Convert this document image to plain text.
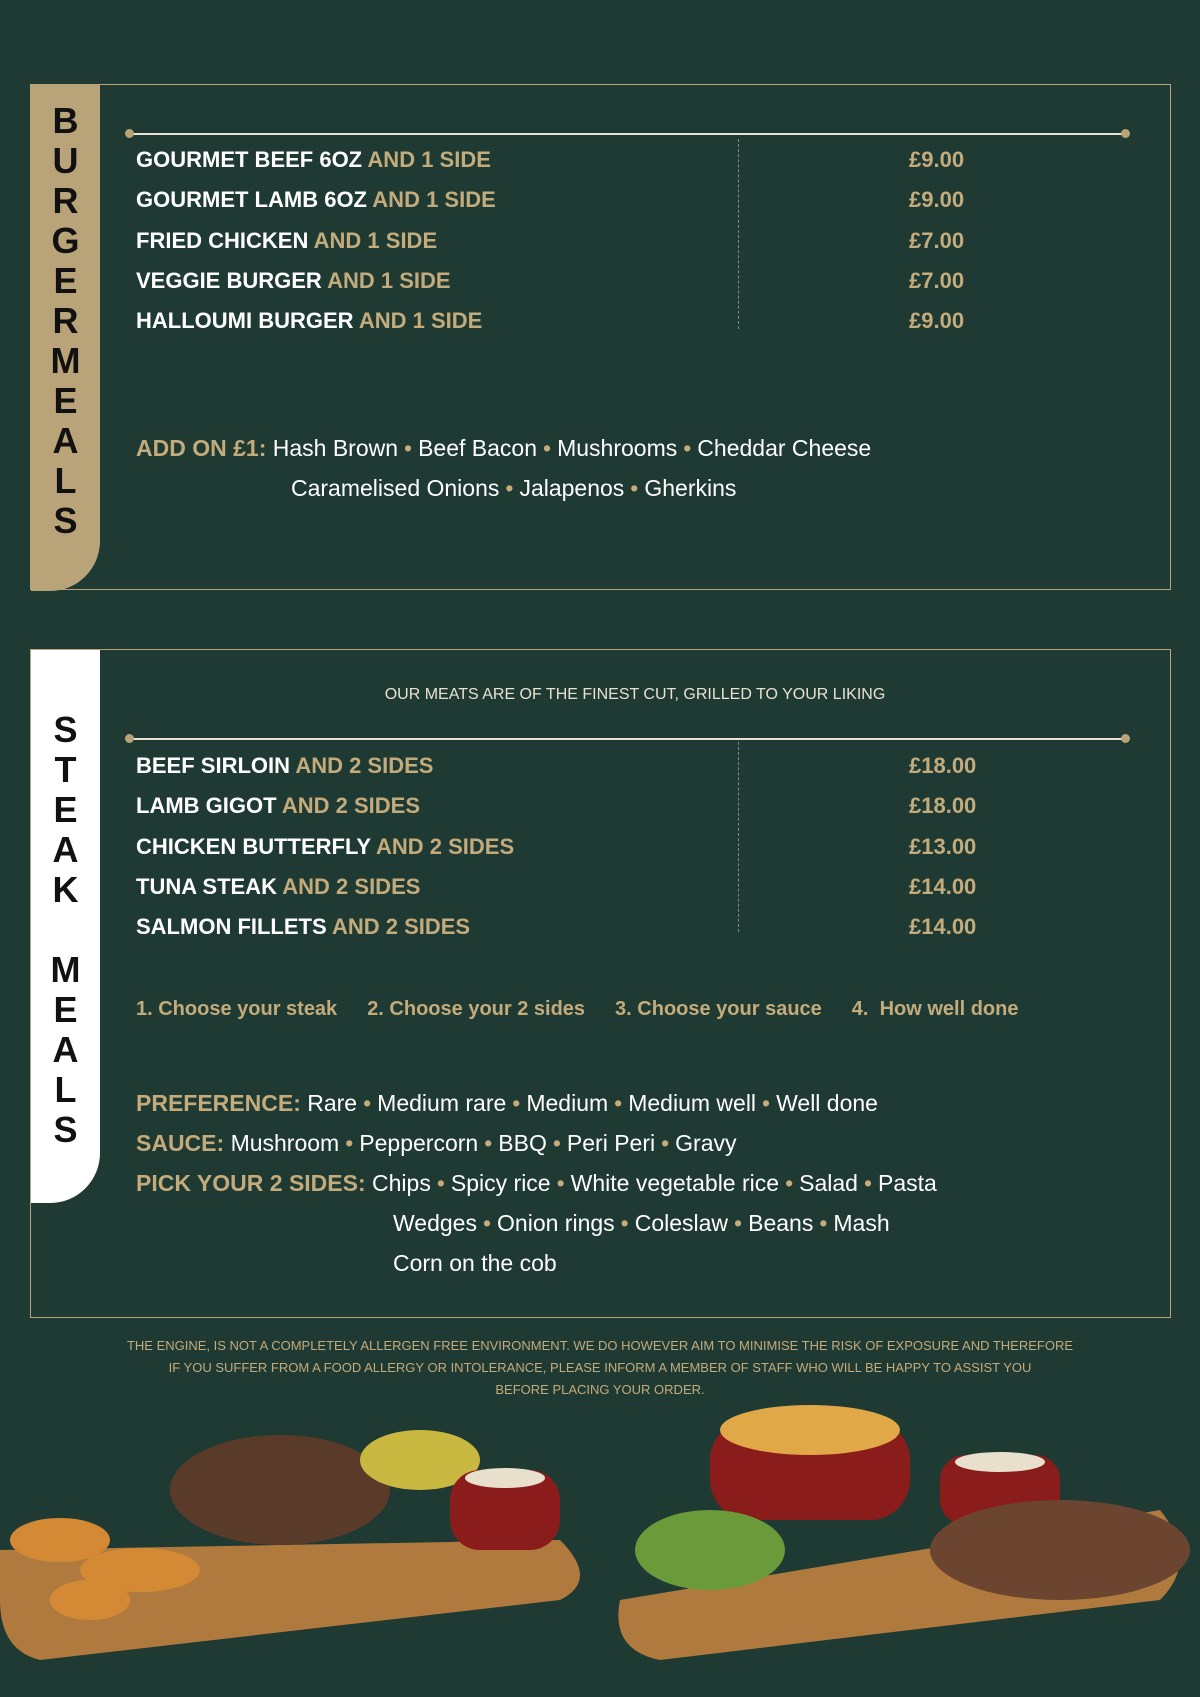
B
U
R
G
E
R
M
E
A
L
S
GOURMET BEEF 6OZ AND 1 SIDE	£9.00
GOURMET LAMB 6OZ AND 1 SIDE	£9.00
FRIED CHICKEN AND 1 SIDE	£7.00
VEGGIE BURGER AND 1 SIDE	£7.00
HALLOUMI BURGER AND 1 SIDE	£9.00
ADD ON £1: Hash Brown • Beef Bacon • Mushrooms • Cheddar Cheese
Caramelised Onions • Jalapenos • Gherkins
S
T
E
A
K
M
E
A
L
S
OUR MEATS ARE OF THE FINEST CUT, GRILLED TO YOUR LIKING
BEEF SIRLOIN AND 2 SIDES	£18.00
LAMB GIGOT AND 2 SIDES	£18.00
CHICKEN BUTTERFLY AND 2 SIDES	£13.00
TUNA STEAK AND 2 SIDES	£14.00
SALMON FILLETS AND 2 SIDES	£14.00
1. Choose your steak 2. Choose your 2 sides 3. Choose your sauce 4.  How well done
PREFERENCE: Rare • Medium rare • Medium • Medium well • Well done
SAUCE: Mushroom • Peppercorn • BBQ • Peri Peri • Gravy
PICK YOUR 2 SIDES: Chips • Spicy rice • White vegetable rice • Salad • Pasta
Wedges • Onion rings • Coleslaw • Beans • Mash
Corn on the cob
THE ENGINE, IS NOT A COMPLETELY ALLERGEN FREE ENVIRONMENT. WE DO HOWEVER AIM TO MINIMISE THE RISK OF EXPOSURE AND THEREFORE
IF YOU SUFFER FROM A FOOD ALLERGY OR INTOLERANCE, PLEASE INFORM A MEMBER OF STAFF WHO WILL BE HAPPY TO ASSIST YOU
BEFORE PLACING YOUR ORDER.
